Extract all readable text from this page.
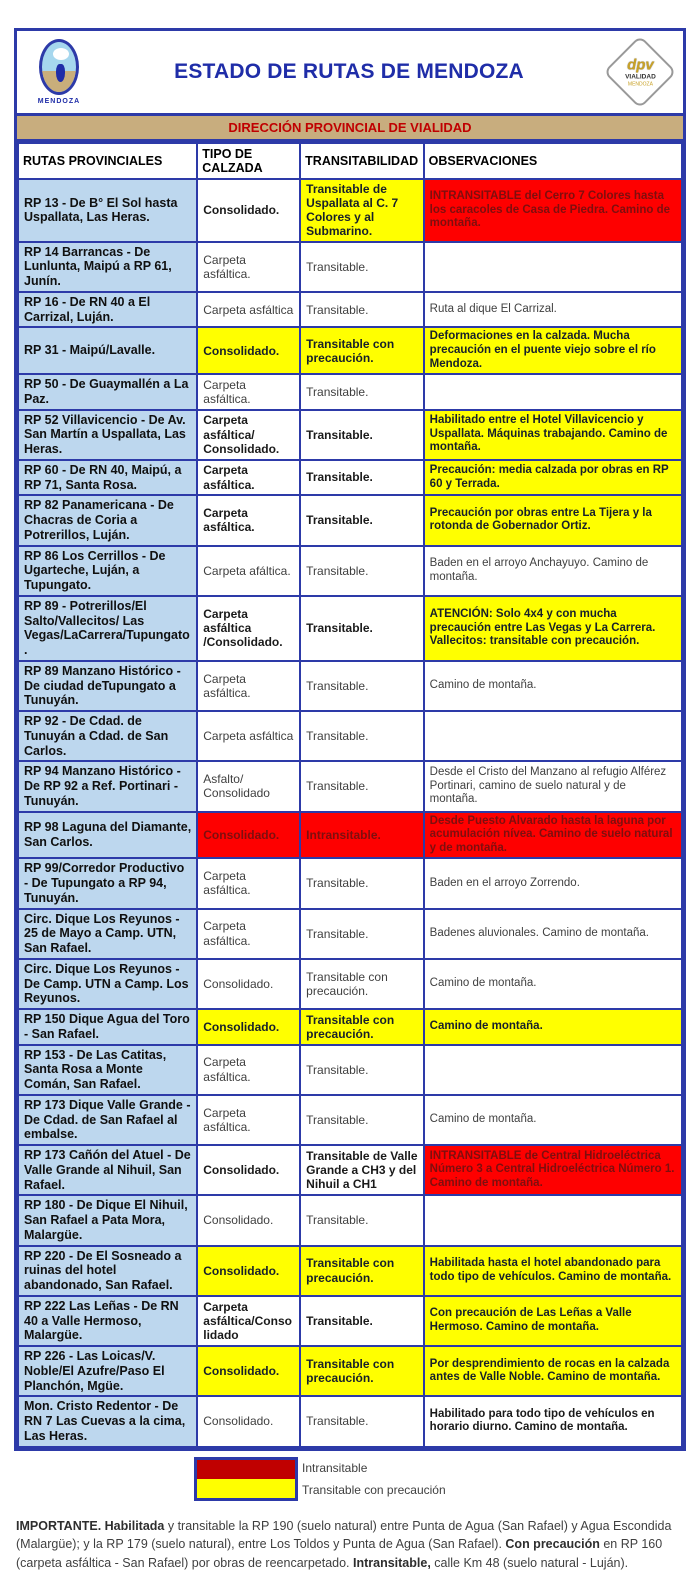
MENDOZA
ESTADO DE RUTAS DE MENDOZA	dpv
VIALIDAD
MENDOZA
DIRECCIÓN PROVINCIAL DE VIALIDAD
RUTAS PROVINCIALES	TIPO DE CALZADA	TRANSITABILIDAD	OBSERVACIONES
RP 13 - De B° El Sol hasta Uspallata, Las Heras.	Consolidado.	Transitable de Uspallata al C. 7 Colores y al Submarino.	INTRANSITABLE del Cerro 7 Colores hasta los caracoles de Casa de Piedra. Camino de montaña.
RP 14 Barrancas - De Lunlunta, Maipú a RP 61, Junín.	Carpeta asfáltica.	Transitable.	
RP 16 - De RN 40 a El Carrizal, Luján.	Carpeta asfáltica	Transitable.	Ruta al dique El Carrizal.
RP 31 - Maipú/Lavalle.	Consolidado.	Transitable con precaución.	Deformaciones en la calzada. Mucha precaución en el puente viejo sobre el río Mendoza.
RP 50 - De Guaymallén a La Paz.	Carpeta asfáltica.	Transitable.	
RP 52 Villavicencio - De Av. San Martín a Uspallata, Las Heras.	Carpeta asfáltica/ Consolidado.	Transitable.	Habilitado entre el Hotel Villavicencio y Uspallata. Máquinas trabajando. Camino de montaña.
RP 60 - De RN 40, Maipú, a RP 71, Santa Rosa.	Carpeta asfáltica.	Transitable.	Precaución: media calzada por obras en RP 60 y Terrada.
RP 82 Panamericana - De Chacras de Coria a Potrerillos, Luján.	Carpeta asfáltica.	Transitable.	Precaución por obras entre La Tijera y la rotonda de Gobernador Ortiz.
RP 86 Los Cerrillos - De Ugarteche, Luján, a Tupungato.	Carpeta afáltica.	Transitable.	Baden en el arroyo Anchayuyo. Camino de montaña.
RP 89 - Potrerillos/El Salto/Vallecitos/ Las Vegas/LaCarrera/Tupungato.	Carpeta asfáltica /Consolidado.	Transitable.	ATENCIÓN: Solo 4x4 y con mucha precaución entre Las Vegas y La Carrera. Vallecitos: transitable con precaución.
RP 89 Manzano Histórico - De ciudad deTupungato a Tunuyán.	Carpeta asfáltica.	Transitable.	Camino de montaña.
RP 92 - De Cdad. de Tunuyán a Cdad. de San Carlos.	Carpeta asfáltica	Transitable.	
RP 94 Manzano Histórico - De RP 92 a Ref. Portinari - Tunuyán.	Asfalto/ Consolidado	Transitable.	Desde el Cristo del Manzano al refugio Alférez Portinari, camino de suelo natural y de montaña.
RP 98 Laguna del Diamante, San Carlos.	Consolidado.	Intransitable.	Desde Puesto Alvarado hasta la laguna por acumulación nívea. Camino de suelo natural y de montaña.
RP 99/Corredor Productivo - De Tupungato a RP 94, Tunuyán.	Carpeta asfáltica.	Transitable.	Baden en el arroyo Zorrendo.
Circ. Dique Los Reyunos - 25 de Mayo a Camp. UTN, San Rafael.	Carpeta asfáltica.	Transitable.	Badenes aluvionales. Camino de montaña.
Circ. Dique Los Reyunos - De Camp. UTN a Camp. Los Reyunos.	Consolidado.	Transitable con precaución.	Camino de montaña.
RP 150 Dique Agua del Toro - San Rafael.	Consolidado.	Transitable con precaución.	Camino de montaña.
RP 153 - De Las Catitas, Santa Rosa a Monte Comán, San Rafael.	Carpeta asfáltica.	Transitable.	
RP 173 Dique Valle Grande - De Cdad. de San Rafael al embalse.	Carpeta asfáltica.	Transitable.	Camino de montaña.
RP 173 Cañón del Atuel - De Valle Grande al Nihuil, San Rafael.	Consolidado.	Transitable de Valle Grande a CH3 y del Nihuil a CH1	INTRANSITABLE de Central Hidroeléctrica Número 3 a Central Hidroeléctrica Número 1. Camino de montaña.
RP 180 - De Dique El Nihuil, San Rafael a Pata Mora, Malargüe.	Consolidado.	Transitable.	
RP 220 - De El Sosneado a ruinas del hotel abandonado, San Rafael.	Consolidado.	Transitable con precaución.	Habilitada hasta el hotel abandonado para todo tipo de vehículos. Camino de montaña.
RP 222 Las Leñas - De RN 40 a Valle Hermoso, Malargüe.	Carpeta asfáltica/Consolidado	Transitable.	Con precaución de Las Leñas a Valle Hermoso. Camino de montaña.
RP 226 - Las Loicas/V. Noble/El Azufre/Paso El Planchón, Mgüe.	Consolidado.	Transitable con precaución.	Por desprendimiento de rocas en la calzada antes de Valle Noble. Camino de montaña.
Mon. Cristo Redentor - De RN 7 Las Cuevas a la cima, Las Heras.	Consolidado.	Transitable.	Habilitado para todo tipo de vehículos en horario diurno. Camino de montaña.
Intransitable
Transitable con precaución

IMPORTANTE. Habilitada y transitable la RP 190 (suelo natural) entre Punta de Agua (San Rafael) y Agua Escondida (Malargüe); y la RP 179 (suelo natural), entre Los Toldos y Punta de Agua (San Rafael). Con precaución en RP 160 (carpeta asfáltica - San Rafael) por obras de reencarpetado. Intransitable, calle Km 48 (suelo natural - Luján).
